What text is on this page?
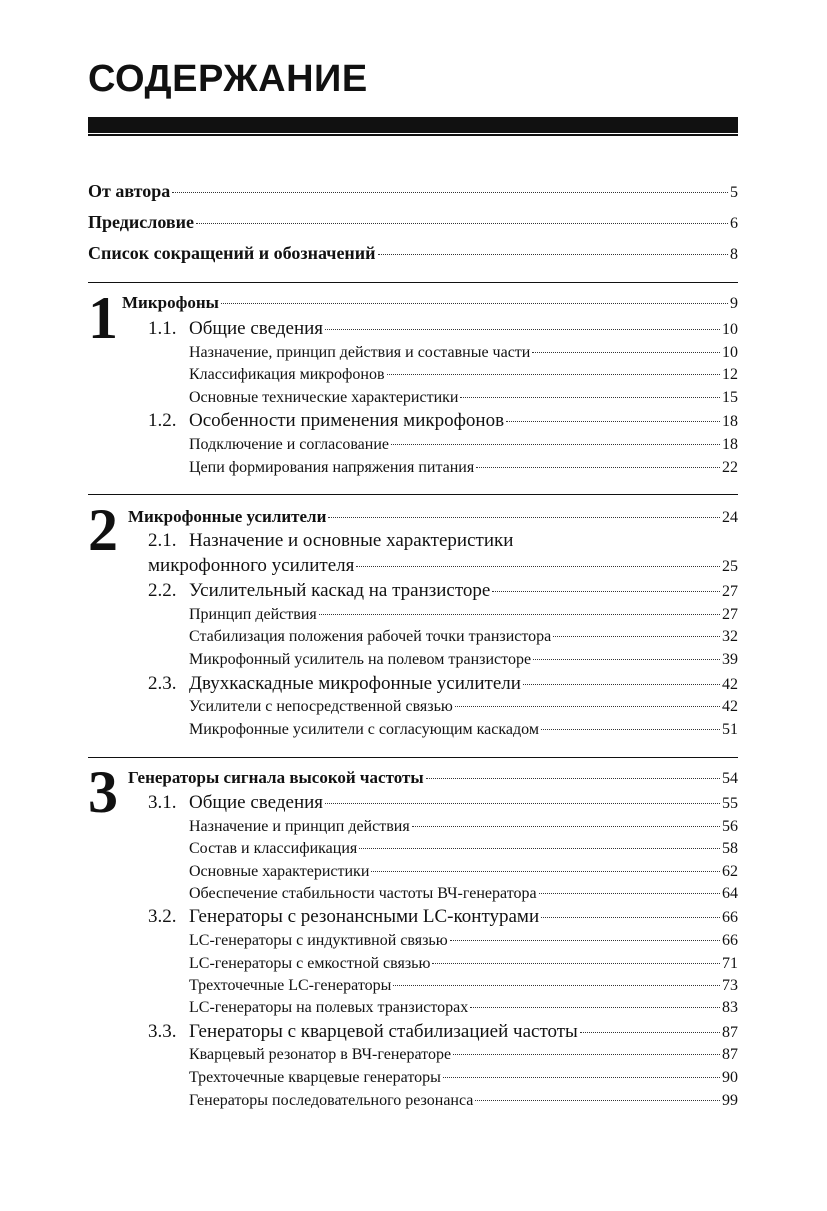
СОДЕРЖАНИЕ
От автора	5
Предисловие	6
Список сокращений и обозначений	8
1 Микрофоны	9
1.1. Общие сведения	10
Назначение, принцип действия и составные части	10
Классификация микрофонов	12
Основные технические характеристики	15
1.2. Особенности применения микрофонов	18
Подключение и согласование	18
Цепи формирования напряжения питания	22
2 Микрофонные усилители	24
2.1. Назначение и основные характеристики
микрофонного усилителя	25
2.2. Усилительный каскад на транзисторе	27
Принцип действия	27
Стабилизация положения рабочей точки транзистора	32
Микрофонный усилитель на полевом транзисторе	39
2.3. Двухкаскадные микрофонные усилители	42
Усилители с непосредственной связью	42
Микрофонные усилители с согласующим каскадом	51
3 Генераторы сигнала высокой частоты	54
3.1. Общие сведения	55
Назначение и принцип действия	56
Состав и классификация	58
Основные характеристики	62
Обеспечение стабильности частоты ВЧ-генератора	64
3.2. Генераторы с резонансными LC-контурами	66
LC-генераторы с индуктивной связью	66
LC-генераторы с емкостной связью	71
Трехточечные LC-генераторы	73
LC-генераторы на полевых транзисторах	83
3.3. Генераторы с кварцевой стабилизацией частоты	87
Кварцевый резонатор в ВЧ-генераторе	87
Трехточечные кварцевые генераторы	90
Генераторы последовательного резонанса	99
